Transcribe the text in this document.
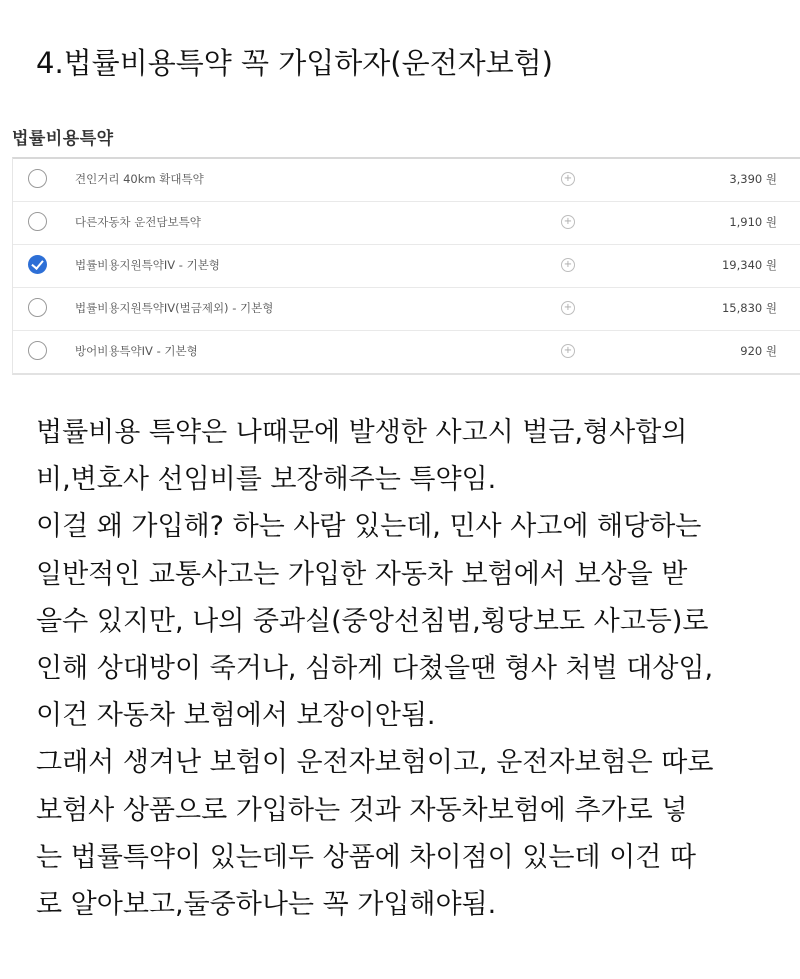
4.법률비용특약 꼭 가입하자(운전자보험)
법률비용특약
견인거리 40km 확대특약	+	3,390 원
다른자동차 운전담보특약	+	1,910 원
법률비용지원특약IV - 기본형	+	19,340 원
법률비용지원특약IV(벌금제외) - 기본형	+	15,830 원
방어비용특약IV - 기본형	+	920 원

법률비용 특약은 나때문에 발생한 사고시 벌금,형사합의

비,변호사 선임비를 보장해주는 특약임.

이걸 왜 가입해? 하는 사람 있는데, 민사 사고에 해당하는

일반적인 교통사고는 가입한 자동차 보험에서 보상을 받

을수 있지만, 나의 중과실(중앙선침범,횡당보도 사고등)로

인해 상대방이 죽거나, 심하게 다쳤을땐 형사 처벌 대상임,

이건 자동차 보험에서 보장이안됨.

그래서 생겨난 보험이 운전자보험이고, 운전자보험은 따로

보험사 상품으로 가입하는 것과 자동차보험에 추가로 넣

는 법률특약이 있는데두 상품에 차이점이 있는데 이건 따

로 알아보고,둘중하나는 꼭 가입해야됨.
